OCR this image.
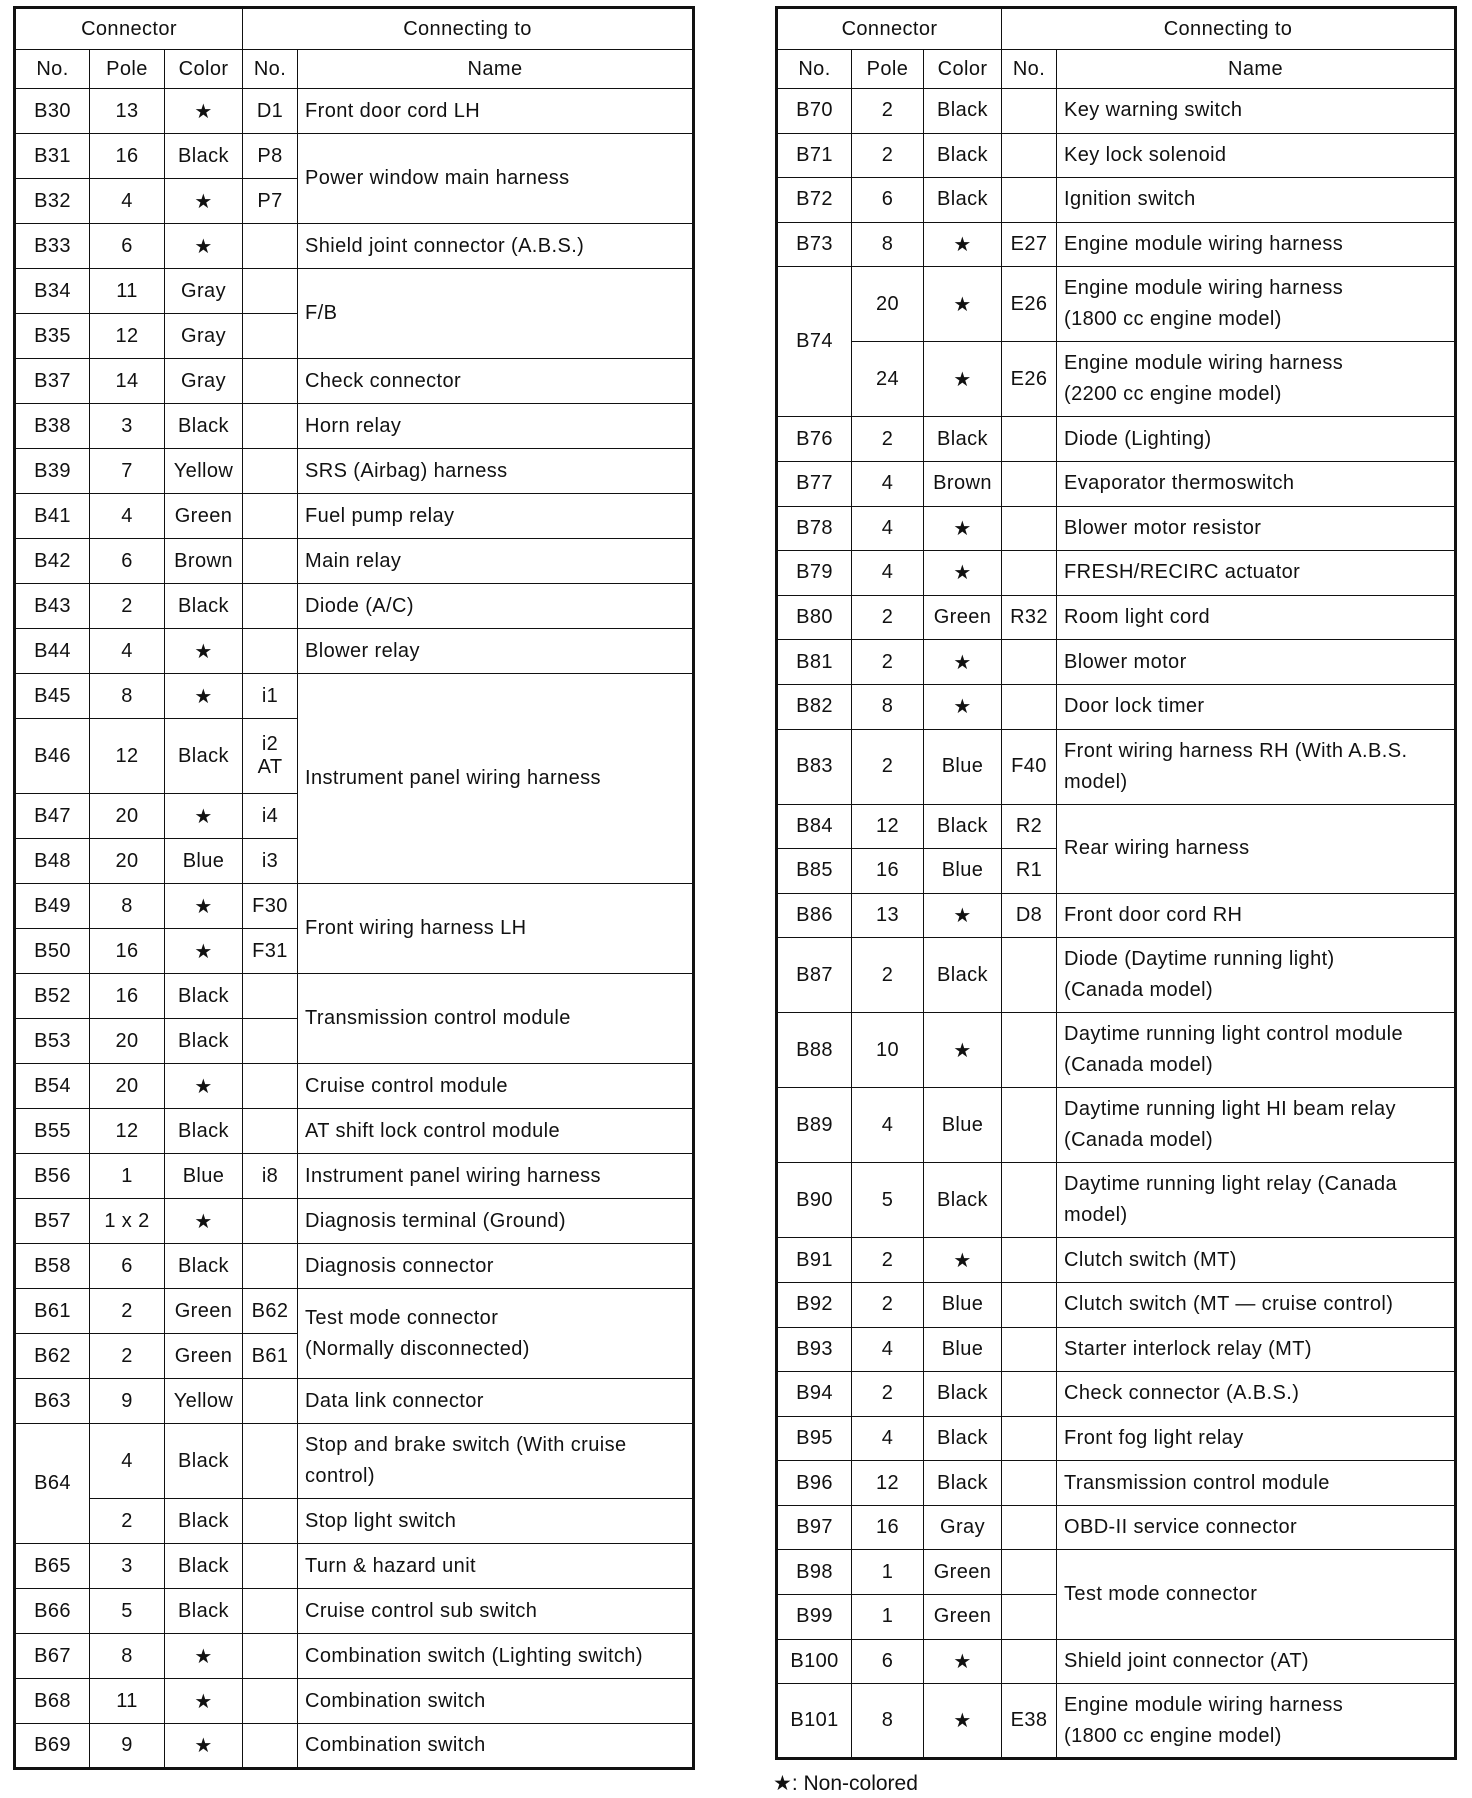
Connector			Connecting to	
No.	Pole	Color	No.	Name
B30	13	★	D1	Front door cord LH
B31	16	Black	P8	Power window main harness
B32	4	★	P7	
B33	6	★		Shield joint connector (A.B.S.)
B34	11	Gray		F/B
B35	12	Gray		
B37	14	Gray		Check connector
B38	3	Black		Horn relay
B39	7	Yellow		SRS (Airbag) harness
B41	4	Green		Fuel pump relay
B42	6	Brown		Main relay
B43	2	Black		Diode (A/C)
B44	4	★		Blower relay
B45	8	★	i1	Instrument panel wiring harness
B46	12	Black	i2
AT	

B47	20	★	i4	
B48	20	Blue	i3	
B49	8	★	F30	Front wiring harness LH
B50	16	★	F31	
B52	16	Black		Transmission control module
B53	20	Black		
B54	20	★		Cruise control module
B55	12	Black		AT shift lock control module
B56	1	Blue	i8	Instrument panel wiring harness
B57	1 x 2	★		Diagnosis terminal (Ground)
B58	6	Black		Diagnosis connector
B61	2	Green	B62	Test mode connector
(Normally disconnected)

B62	2	Green	B61	
B63	9	Yellow		Data link connector
B64	4	Black		Stop and brake switch (With cruise
control)

	2	Black		Stop light switch
B65	3	Black		Turn & hazard unit
B66	5	Black		Cruise control sub switch
B67	8	★		Combination switch (Lighting switch)
B68	11	★		Combination switch
B69	9	★		Combination switch
Connector			Connecting to	
No.	Pole	Color	No.	Name
B70	2	Black		Key warning switch
B71	2	Black		Key lock solenoid
B72	6	Black		Ignition switch
B73	8	★	E27	Engine module wiring harness
B74	20	★	E26	Engine module wiring harness
(1800 cc engine model)

	24	★	E26	Engine module wiring harness
(2200 cc engine model)

B76	2	Black		Diode (Lighting)
B77	4	Brown		Evaporator thermoswitch
B78	4	★		Blower motor resistor
B79	4	★		FRESH/RECIRC actuator
B80	2	Green	R32	Room light cord
B81	2	★		Blower motor
B82	8	★		Door lock timer
B83	2	Blue	F40	Front wiring harness RH (With A.B.S.
model)

B84	12	Black	R2	Rear wiring harness
B85	16	Blue	R1	
B86	13	★	D8	Front door cord RH
B87	2	Black		Diode (Daytime running light)
(Canada model)

B88	10	★		Daytime running light control module
(Canada model)

B89	4	Blue		Daytime running light HI beam relay
(Canada model)

B90	5	Black		Daytime running light relay (Canada
model)

B91	2	★		Clutch switch (MT)
B92	2	Blue		Clutch switch (MT — cruise control)
B93	4	Blue		Starter interlock relay (MT)
B94	2	Black		Check connector (A.B.S.)
B95	4	Black		Front fog light relay
B96	12	Black		Transmission control module
B97	16	Gray		OBD-II service connector
B98	1	Green		Test mode connector
B99	1	Green		
B100	6	★		Shield joint connector (AT)
B101	8	★	E38	Engine module wiring harness
(1800 cc engine model)
★: Non-colored
